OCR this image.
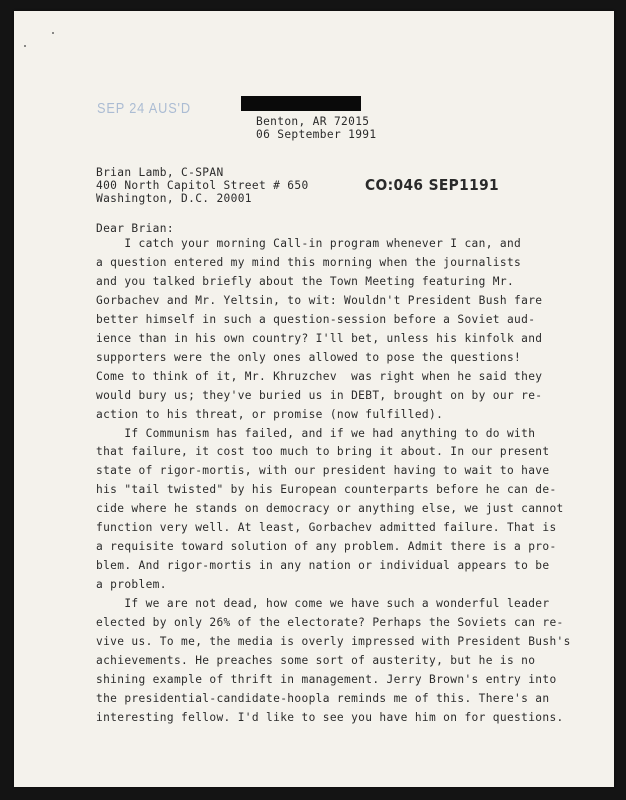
SEP 24 AUS'D
Benton, AR 72015
06 September 1991
Brian Lamb, C-SPAN
400 North Capitol Street # 650
Washington, D.C. 20001
CO:046 SEP1191
Dear Brian:
I catch your morning Call-in program whenever I can, and
a question entered my mind this morning when the journalists
and you talked briefly about the Town Meeting featuring Mr.
Gorbachev and Mr. Yeltsin, to wit: Wouldn't President Bush fare
better himself in such a question-session before a Soviet aud-
ience than in his own country? I'll bet, unless his kinfolk and
supporters were the only ones allowed to pose the questions!
Come to think of it, Mr. Khruzchev  was right when he said they
would bury us; they've buried us in DEBT, brought on by our re-
action to his threat, or promise (now fulfilled).
If Communism has failed, and if we had anything to do with
that failure, it cost too much to bring it about. In our present
state of rigor-mortis, with our president having to wait to have
his "tail twisted" by his European counterparts before he can de-
cide where he stands on democracy or anything else, we just cannot
function very well. At least, Gorbachev admitted failure. That is
a requisite toward solution of any problem. Admit there is a pro-
blem. And rigor-mortis in any nation or individual appears to be
a problem.
If we are not dead, how come we have such a wonderful leader
elected by only 26% of the electorate? Perhaps the Soviets can re-
vive us. To me, the media is overly impressed with President Bush's
achievements. He preaches some sort of austerity, but he is no
shining example of thrift in management. Jerry Brown's entry into
the presidential-candidate-hoopla reminds me of this. There's an
interesting fellow. I'd like to see you have him on for questions.
